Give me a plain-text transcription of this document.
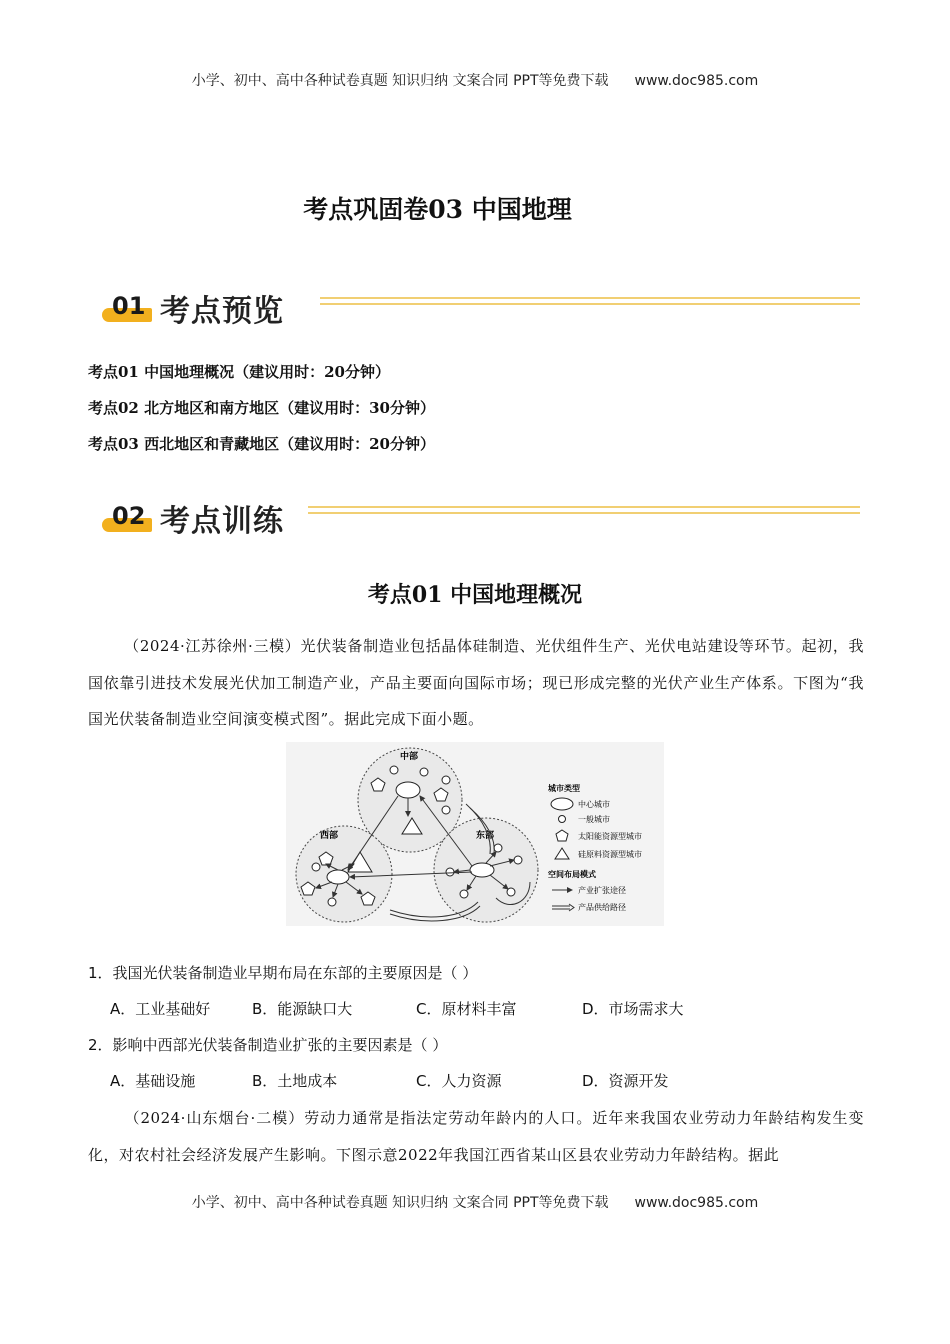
小学、初中、高中各种试卷真题 知识归纳 文案合同 PPT等免费下载 www.doc985.com
考点巩固卷03 中国地理
01 考点预览
考点01 中国地理概况（建议用时：20分钟）
考点02 北方地区和南方地区（建议用时：30分钟）
考点03 西北地区和青藏地区（建议用时：20分钟）
02 考点训练
考点01 中国地理概况
（2024·江苏徐州·三模）光伏装备制造业包括晶体硅制造、光伏组件生产、光伏电站建设等环节。起初，我国依靠引进技术发展光伏加工制造产业，产品主要面向国际市场；现已形成完整的光伏产业生产体系。下图为“我国光伏装备制造业空间演变模式图”。据此完成下面小题。
中部
西部	东部
城市类型
中心城市
一般城市
太阳能资源型城市
硅原料资源型城市
空间布局模式
产业扩张途径
产品供给路径
1．我国光伏装备制造业早期布局在东部的主要原因是（ ）
A．工业基础好	B．能源缺口大	C．原材料丰富	D．市场需求大
2．影响中西部光伏装备制造业扩张的主要因素是（ ）
A．基础设施	B．土地成本	C．人力资源	D．资源开发
（2024·山东烟台·二模）劳动力通常是指法定劳动年龄内的人口。近年来我国农业劳动力年龄结构发生变化，对农村社会经济发展产生影响。下图示意2022年我国江西省某山区县农业劳动力年龄结构。据此
小学、初中、高中各种试卷真题 知识归纳 文案合同 PPT等免费下载 www.doc985.com
